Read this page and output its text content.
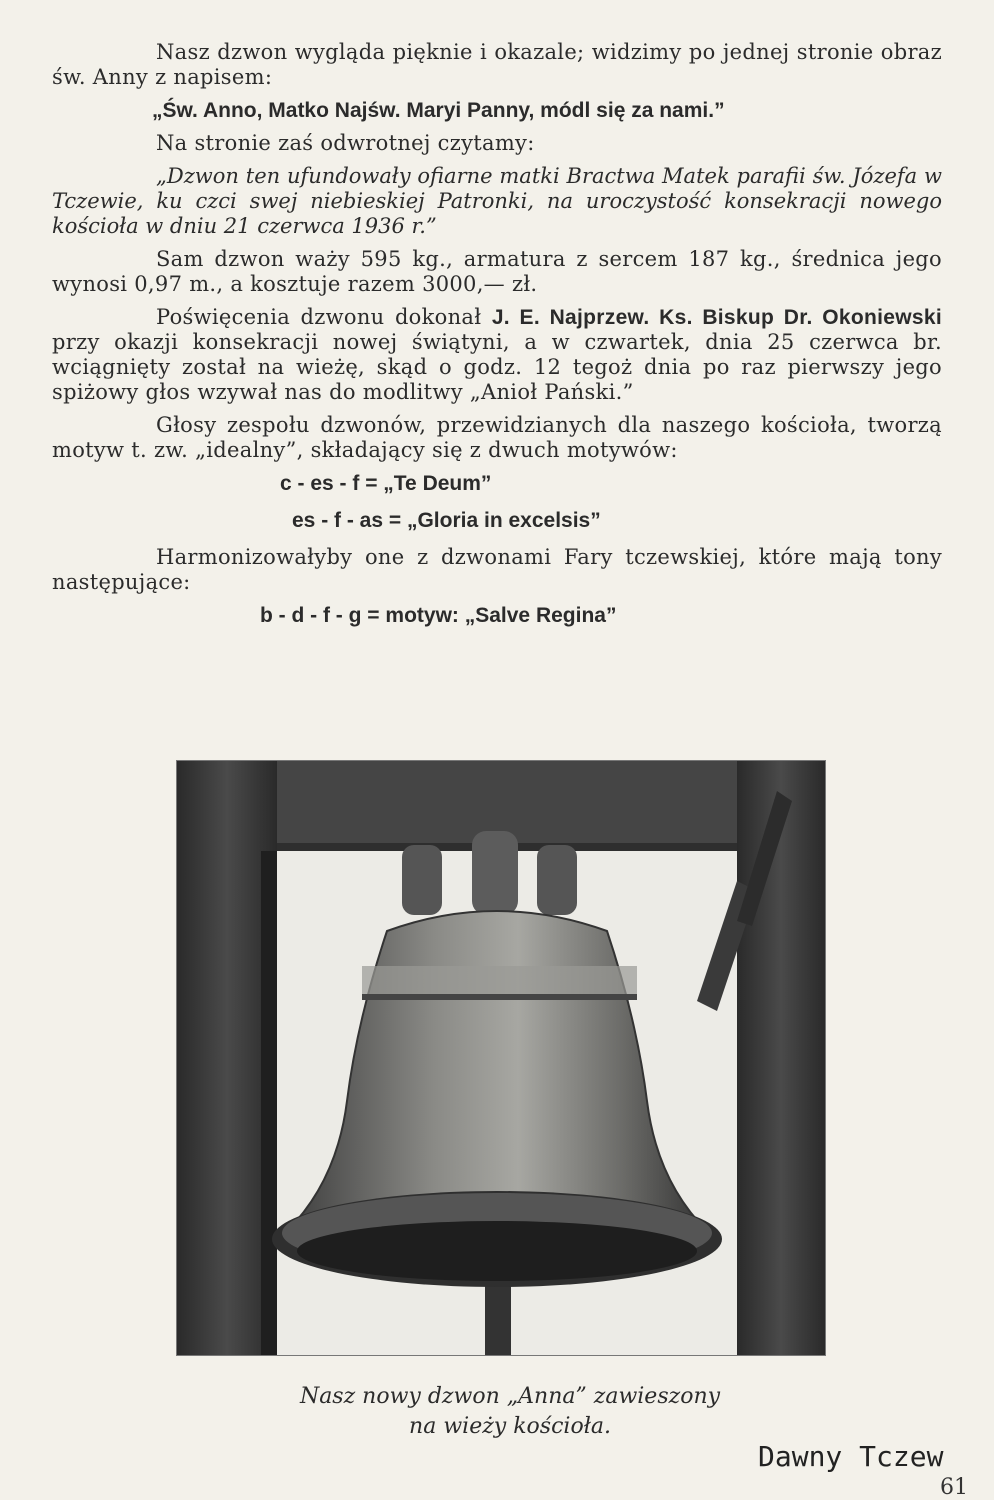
Nasz dzwon wygląda pięknie i okazale; widzimy po jednej stronie obraz św. Anny z napisem:

„Św. Anno, Matko Najśw. Maryi Panny, módl się za nami.”

Na stronie zaś odwrotnej czytamy:

„Dzwon ten ufundowały ofiarne matki Bractwa Matek parafii św. Józefa w Tczewie, ku czci swej niebieskiej Patronki, na uroczystość konsekracji nowego kościoła w dniu 21 czerwca 1936 r.”

Sam dzwon waży 595 kg., armatura z sercem 187 kg., średnica jego wynosi 0,97 m., a kosztuje razem 3000,— zł.

Poświęcenia dzwonu dokonał J. E. Najprzew. Ks. Biskup Dr. Okoniewski przy okazji konsekracji nowej świątyni, a w czwartek, dnia 25 czerwca br. wciągnięty został na wieżę, skąd o godz. 12 tegoż dnia po raz pierwszy jego spiżowy głos wzywał nas do modlitwy „Anioł Pański.”

Głosy zespołu dzwonów, przewidzianych dla naszego kościoła, tworzą motyw t. zw. „idealny”, składający się z dwuch motywów:

c - es - f = „Te Deum”
es - f - as = „Gloria in excelsis”

Harmonizowałyby one z dzwonami Fary tczewskiej, które mają tony następujące:

b - d - f - g = motyw: „Salve Regina”
Nasz nowy dzwon „Anna” zawieszony
na wieży kościoła.
Dawny Tczew
61
